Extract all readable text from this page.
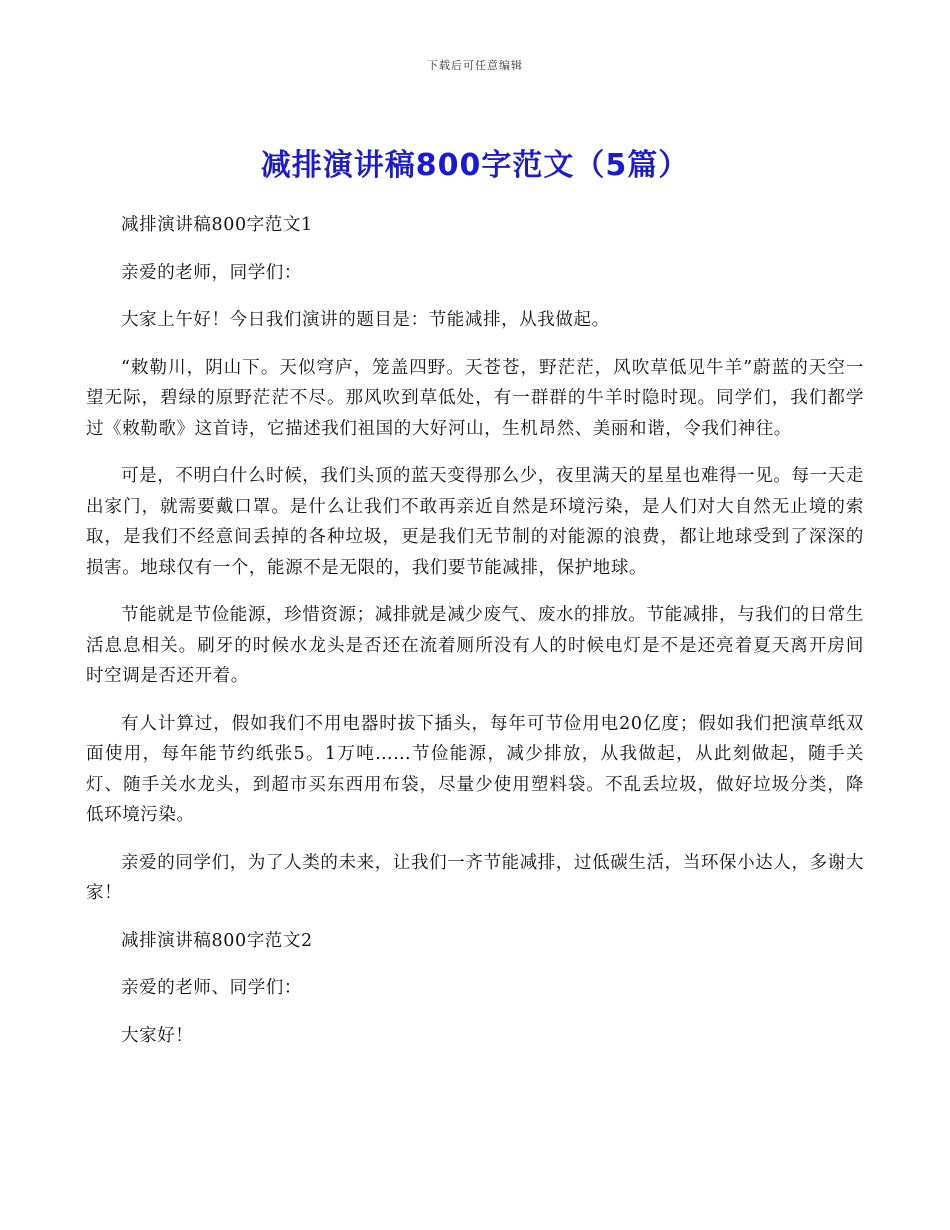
下载后可任意编辑
减排演讲稿800字范文（5篇）

减排演讲稿800字范文1

亲爱的老师，同学们：

大家上午好！今日我们演讲的题目是：节能减排，从我做起。

“敕勒川，阴山下。天似穹庐，笼盖四野。天苍苍，野茫茫，风吹草低见牛羊”蔚蓝的天空一望无际，碧绿的原野茫茫不尽。那风吹到草低处，有一群群的牛羊时隐时现。同学们，我们都学过《敕勒歌》这首诗，它描述我们祖国的大好河山，生机昂然、美丽和谐，令我们神往。

可是，不明白什么时候，我们头顶的蓝天变得那么少，夜里满天的星星也难得一见。每一天走出家门，就需要戴口罩。是什么让我们不敢再亲近自然是环境污染，是人们对大自然无止境的索取，是我们不经意间丢掉的各种垃圾，更是我们无节制的对能源的浪费，都让地球受到了深深的损害。地球仅有一个，能源不是无限的，我们要节能减排，保护地球。

节能就是节俭能源，珍惜资源；减排就是减少废气、废水的排放。节能减排，与我们的日常生活息息相关。刷牙的时候水龙头是否还在流着厕所没有人的时候电灯是不是还亮着夏天离开房间时空调是否还开着。

有人计算过，假如我们不用电器时拔下插头，每年可节俭用电20亿度；假如我们把演草纸双面使用，每年能节约纸张5。1万吨……节俭能源，减少排放，从我做起，从此刻做起，随手关灯、随手关水龙头，到超市买东西用布袋，尽量少使用塑料袋。不乱丢垃圾，做好垃圾分类，降低环境污染。

亲爱的同学们，为了人类的未来，让我们一齐节能减排，过低碳生活，当环保小达人，多谢大家！

减排演讲稿800字范文2

亲爱的老师、同学们：

大家好！
